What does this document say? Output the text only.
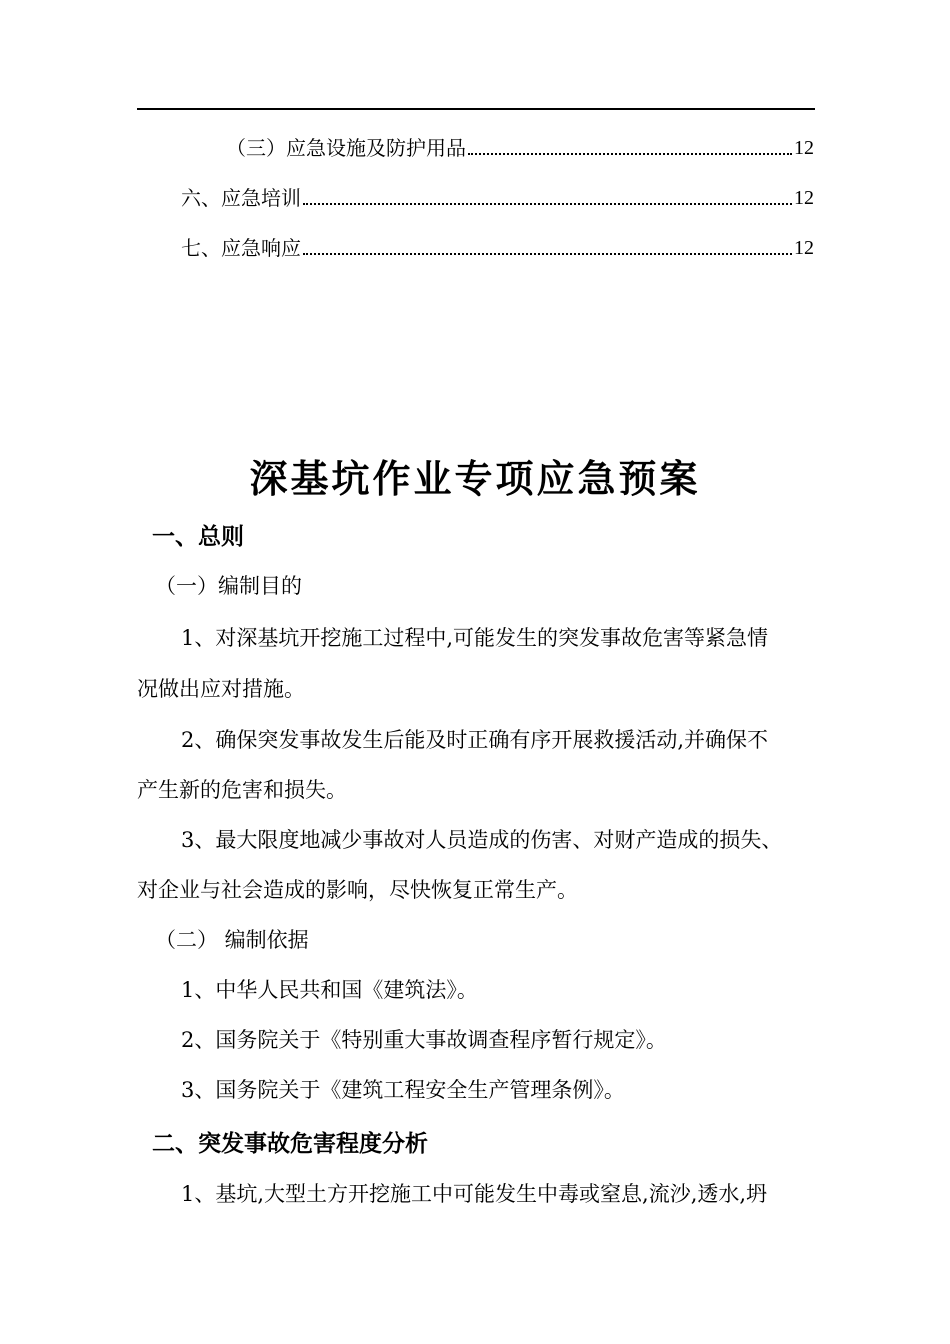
（三）应急设施及防护用品	12
六、应急培训	12
七、应急响应	12
深基坑作业专项应急预案
一、总则
（一）编制目的
1、对深基坑开挖施工过程中,可能发生的突发事故危害等紧急情
况做出应对措施。
2、确保突发事故发生后能及时正确有序开展救援活动,并确保不
产生新的危害和损失。
3、最大限度地减少事故对人员造成的伤害、对财产造成的损失、
对企业与社会造成的影响，尽快恢复正常生产。
（二） 编制依据
1、中华人民共和国《建筑法》。
2、国务院关于《特别重大事故调查程序暂行规定》。
3、国务院关于《建筑工程安全生产管理条例》。
二、突发事故危害程度分析
1、基坑,大型土方开挖施工中可能发生中毒或窒息,流沙,透水,坍
